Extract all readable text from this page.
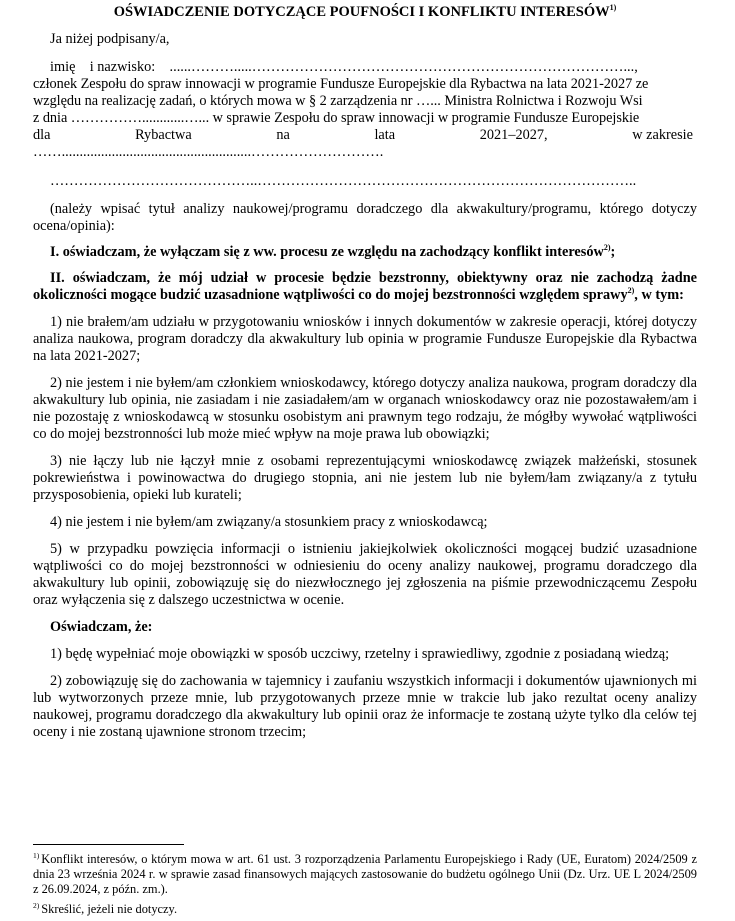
OŚWIADCZENIE DOTYCZĄCE POUFNOŚCI I KONFLIKTU INTERESÓW$^{1)}$

Ja niżej podpisany/a,

imię i nazwisko: ......……….....……………………………………………………………………...,

członek Zespołu do spraw innowacji w programie Fundusze Europejskie dla Rybactwa na lata 2021-2027 ze

względu na realizację zadań, o których mowa w § 2 zarządzenia nr …... Ministra Rolnictwa i Rozwoju Wsi

z dnia ……………............…... w sprawie Zespołu do spraw innowacji w programie Fundusze Europejskie

dla	Rybactwa	na	lata	2021–2027,	w zakresie

…….....................................................……………………….

……………………………………..……………………………………………………………………..

(należy wpisać tytuł analizy naukowej/programu doradczego dla akwakultury/programu, którego dotyczy ocena/opinia):

I. oświadczam, że wyłączam się z ww. procesu ze względu na zachodzący konflikt interesów$^{2)}$;

II. oświadczam, że mój udział w procesie będzie bezstronny, obiektywny oraz nie zachodzą żadne okoliczności mogące budzić uzasadnione wątpliwości co do mojej bezstronności względem sprawy$^{2)}$, w tym:

1) nie brałem/am udziału w przygotowaniu wniosków i innych dokumentów w zakresie operacji, której dotyczy analiza naukowa, program doradczy dla akwakultury lub opinia w programie Fundusze Europejskie dla Rybactwa na lata 2021-2027;

2) nie jestem i nie byłem/am członkiem wnioskodawcy, którego dotyczy analiza naukowa, program doradczy dla akwakultury lub opinia, nie zasiadam i nie zasiadałem/am w organach wnioskodawcy oraz nie pozostawałem/am i nie pozostaję z wnioskodawcą w stosunku osobistym ani prawnym tego rodzaju, że mógłby wywołać wątpliwości co do mojej bezstronności lub może mieć wpływ na moje prawa lub obowiązki;

3) nie łączy lub nie łączył mnie z osobami reprezentującymi wnioskodawcę związek małżeński, stosunek pokrewieństwa i powinowactwa do drugiego stopnia, ani nie jestem lub nie byłem/łam związany/a z tytułu przysposobienia, opieki lub kurateli;

4) nie jestem i nie byłem/am związany/a stosunkiem pracy z wnioskodawcą;

5) w przypadku powzięcia informacji o istnieniu jakiejkolwiek okoliczności mogącej budzić uzasadnione wątpliwości co do mojej bezstronności w odniesieniu do oceny analizy naukowej, programu doradczego dla akwakultury lub opinii, zobowiązuję się do niezwłocznego jej zgłoszenia na piśmie przewodniczącemu Zespołu oraz wyłączenia się z dalszego uczestnictwa w ocenie.

Oświadczam, że:

1) będę wypełniać moje obowiązki w sposób uczciwy, rzetelny i sprawiedliwy, zgodnie z posiadaną wiedzą;

2) zobowiązuję się do zachowania w tajemnicy i zaufaniu wszystkich informacji i dokumentów ujawnionych mi lub wytworzonych przeze mnie, lub przygotowanych przeze mnie w trakcie lub jako rezultat oceny analizy naukowej, programu doradczego dla akwakultury lub opinii oraz że informacje te zostaną użyte tylko dla celów tej oceny i nie zostaną ujawnione stronom trzecim;

$^{1)}$ Konflikt interesów, o którym mowa w art. 61 ust. 3 rozporządzenia Parlamentu Europejskiego i Rady (UE, Euratom) 2024/2509 z dnia 23 września 2024 r. w sprawie zasad finansowych mających zastosowanie do budżetu ogólnego Unii (Dz. Urz. UE L 2024/2509 z 26.09.2024, z późn. zm.).

$^{2)}$ Skreślić, jeżeli nie dotyczy.
